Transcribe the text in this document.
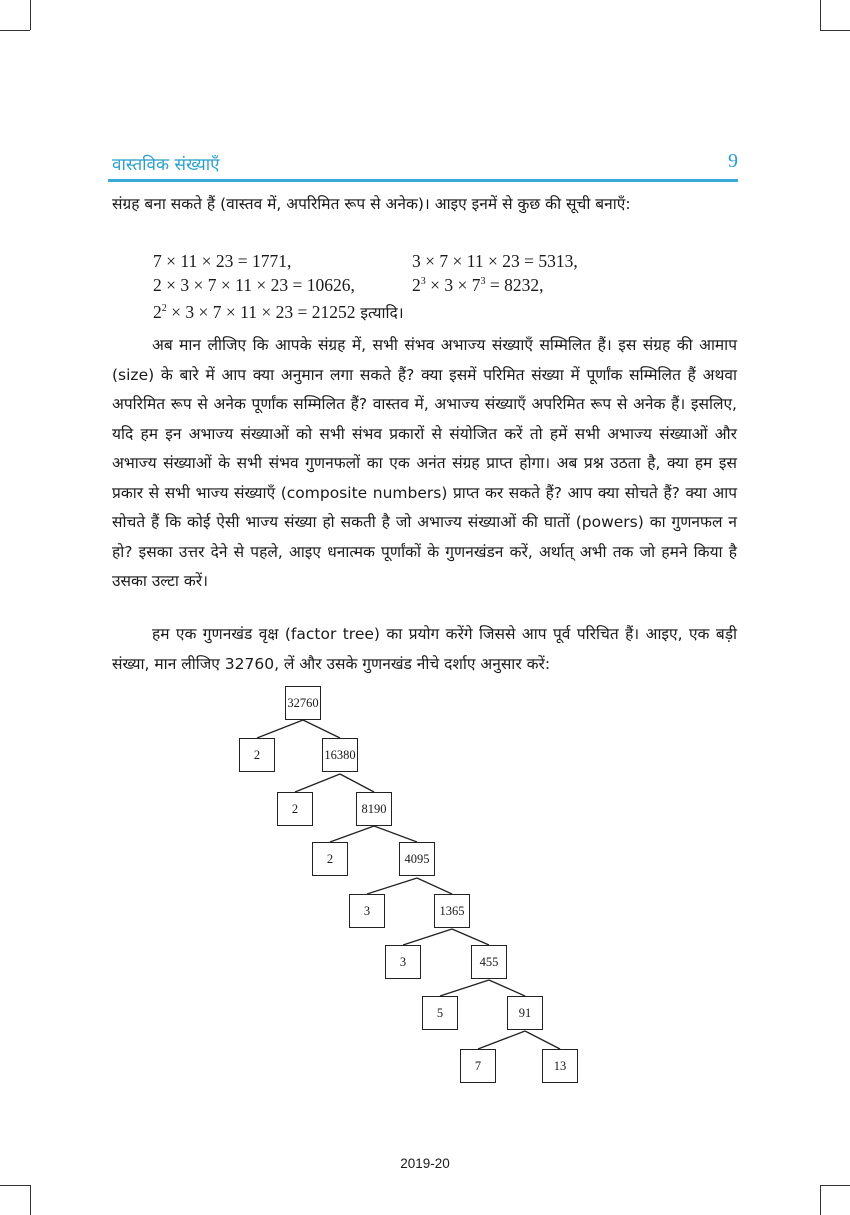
वास्तविक संख्याएँ	9

संग्रह बना सकते हैं (वास्तव में, अपरिमित रूप से अनेक)। आइए इनमें से कुछ की सूची बनाएँ:

7 × 11 × 23 = 1771,	3 × 7 × 11 × 23 = 5313,
2 × 3 × 7 × 11 × 23 = 10626,	$2^3 \times 3 \times 7^3 = 8232$,
$2^2 \times 3 \times 7 \times 11 \times 23 = 21252$ इत्यादि।

अब मान लीजिए कि आपके संग्रह में, सभी संभव अभाज्य संख्याएँ सम्मिलित हैं। इस संग्रह की आमाप (size) के बारे में आप क्या अनुमान लगा सकते हैं? क्या इसमें परिमित संख्या में पूर्णांक सम्मिलित हैं अथवा अपरिमित रूप से अनेक पूर्णांक सम्मिलित हैं? वास्तव में, अभाज्य संख्याएँ अपरिमित रूप से अनेक हैं। इसलिए, यदि हम इन अभाज्य संख्याओं को सभी संभव प्रकारों से संयोजित करें तो हमें सभी अभाज्य संख्याओं और अभाज्य संख्याओं के सभी संभव गुणनफलों का एक अनंत संग्रह प्राप्त होगा। अब प्रश्न उठता है, क्या हम इस प्रकार से सभी भाज्य संख्याएँ (composite numbers) प्राप्त कर सकते हैं? आप क्या सोचते हैं? क्या आप सोचते हैं कि कोई ऐसी भाज्य संख्या हो सकती है जो अभाज्य संख्याओं की घातों (powers) का गुणनफल न हो? इसका उत्तर देने से पहले, आइए धनात्मक पूर्णांकों के गुणनखंडन करें, अर्थात् अभी तक जो हमने किया है उसका उल्टा करें।

हम एक गुणनखंड वृक्ष (factor tree) का प्रयोग करेंगे जिससे आप पूर्व परिचित हैं। आइए, एक बड़ी संख्या, मान लीजिए 32760, लें और उसके गुणनखंड नीचे दर्शाए अनुसार करें:

32760
2	16380
2	8190
2	4095
3	1365
3	455
5	91
7	13
2019-20
